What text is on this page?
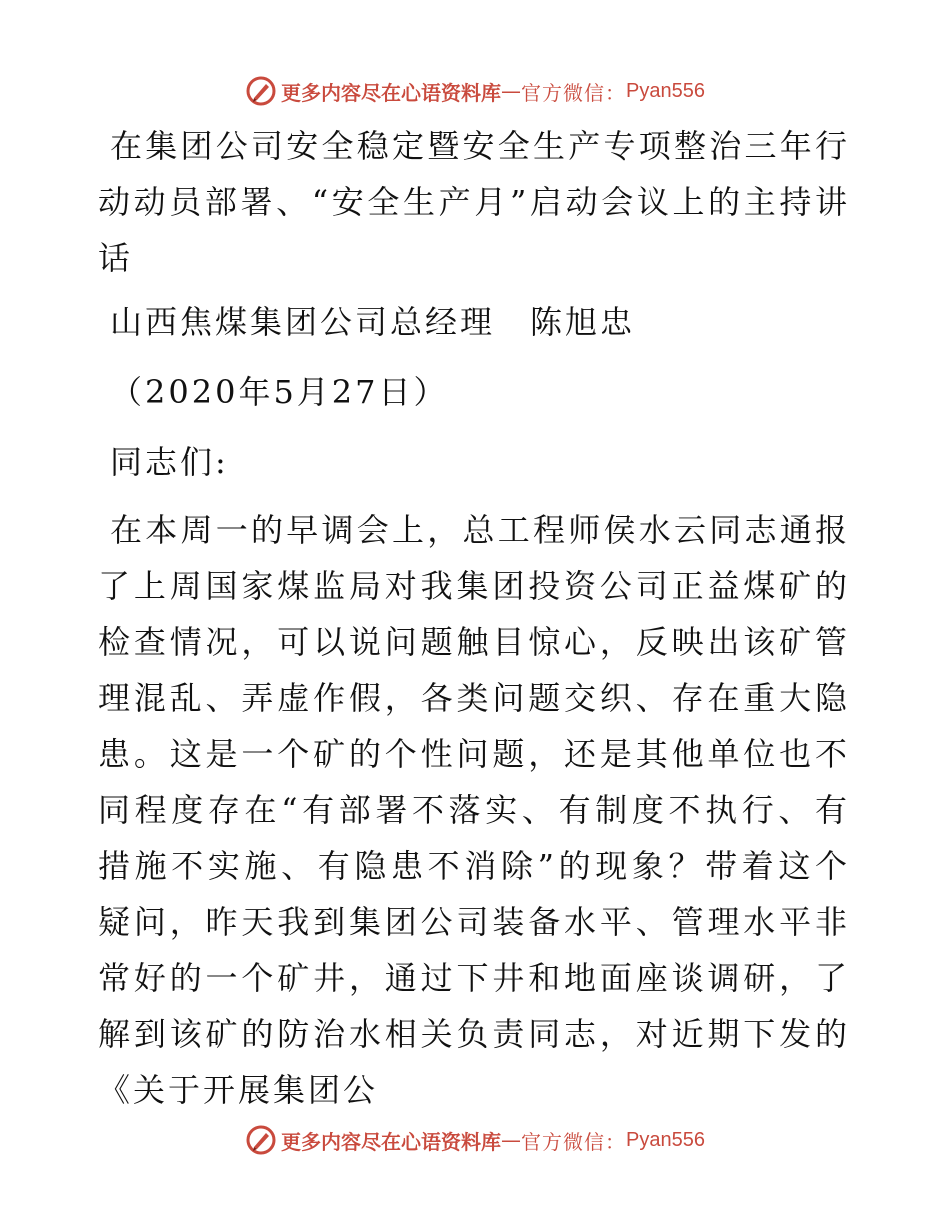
更多内容尽在心语资料库 — 官方微信： Pyan556

在集团公司安全稳定暨安全生产专项整治三年行动动员部署、“安全生产月”启动会议上的主持讲话

山西焦煤集团公司总经理　陈旭忠

（2020年5月27日）

同志们:

在本周一的早调会上，总工程师侯水云同志通报了上周国家煤监局对我集团投资公司正益煤矿的检查情况，可以说问题触目惊心，反映出该矿管理混乱、弄虚作假，各类问题交织、存在重大隐患。这是一个矿的个性问题，还是其他单位也不同程度存在“有部署不落实、有制度不执行、有措施不实施、有隐患不消除”的现象？带着这个疑问，昨天我到集团公司装备水平、管理水平非常好的一个矿井，通过下井和地面座谈调研，了解到该矿的防治水相关负责同志，对近期下发的《关于开展集团公

更多内容尽在心语资料库 — 官方微信： Pyan556
